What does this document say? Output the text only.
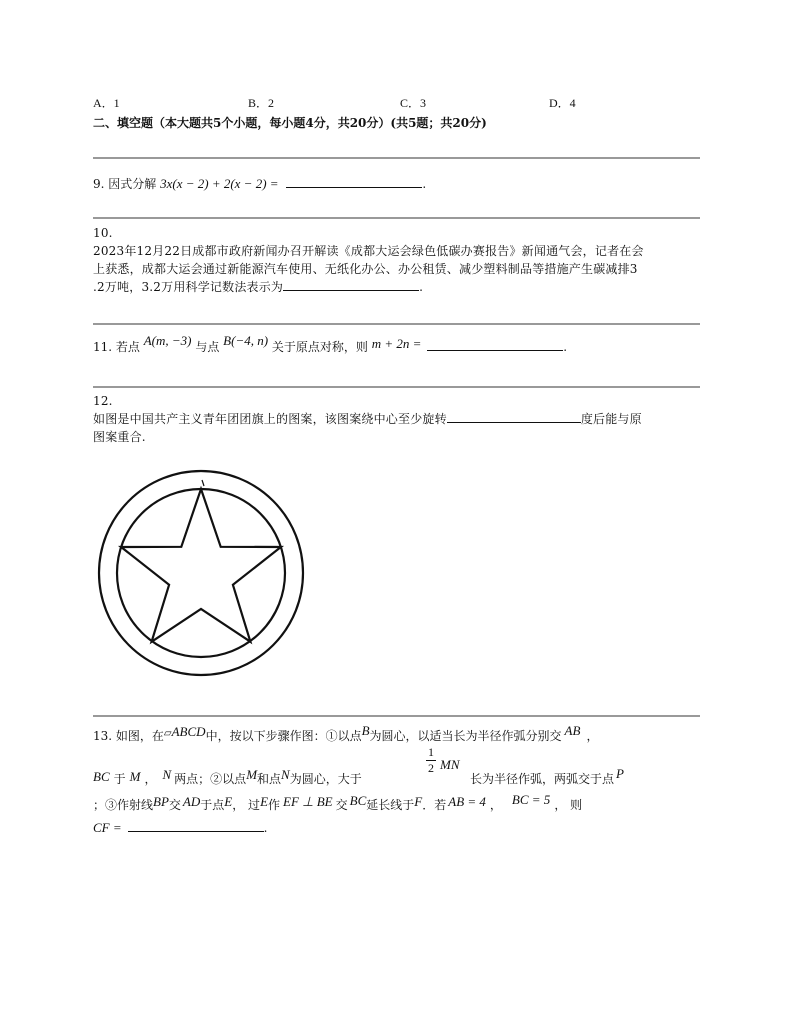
A．1	B．2	C．3	D．4
二、填空题（本大题共5个小题，每小题4分，共20分）(共5题；共20分)
9. 因式分解 3x(x − 2) + 2(x − 2) =	.
10.
2023年12月22日成都市政府新闻办召开解读《成都大运会绿色低碳办赛报告》新闻通气会，记者在会
上获悉，成都大运会通过新能源汽车使用、无纸化办公、办公租赁、减少塑料制品等措施产生碳减排3
.2万吨，3.2万用科学记数法表示为	.
11. 若点 A(m, −3) 与点 B(−4, n) 关于原点对称，则 m + 2n =	.
12.
如图是中国共产主义青年团团旗上的图案，该图案绕中心至少旋转	度后能与原
图案重合.
13. 如图，在▱ABCD中，按以下步骤作图：①以点B为圆心，以适当长为半径作弧分别交 AB ，
1
2 MN
BC 于 M ， N 两点；②以点M和点N为圆心，大于	长为半径作弧，两弧交于点 P
；③作射线BP交 AD于点E， 过E作 EF ⊥ BE 交 BC延长线于F．若 AB = 4 ， BC = 5 ， 则
CF =	.
